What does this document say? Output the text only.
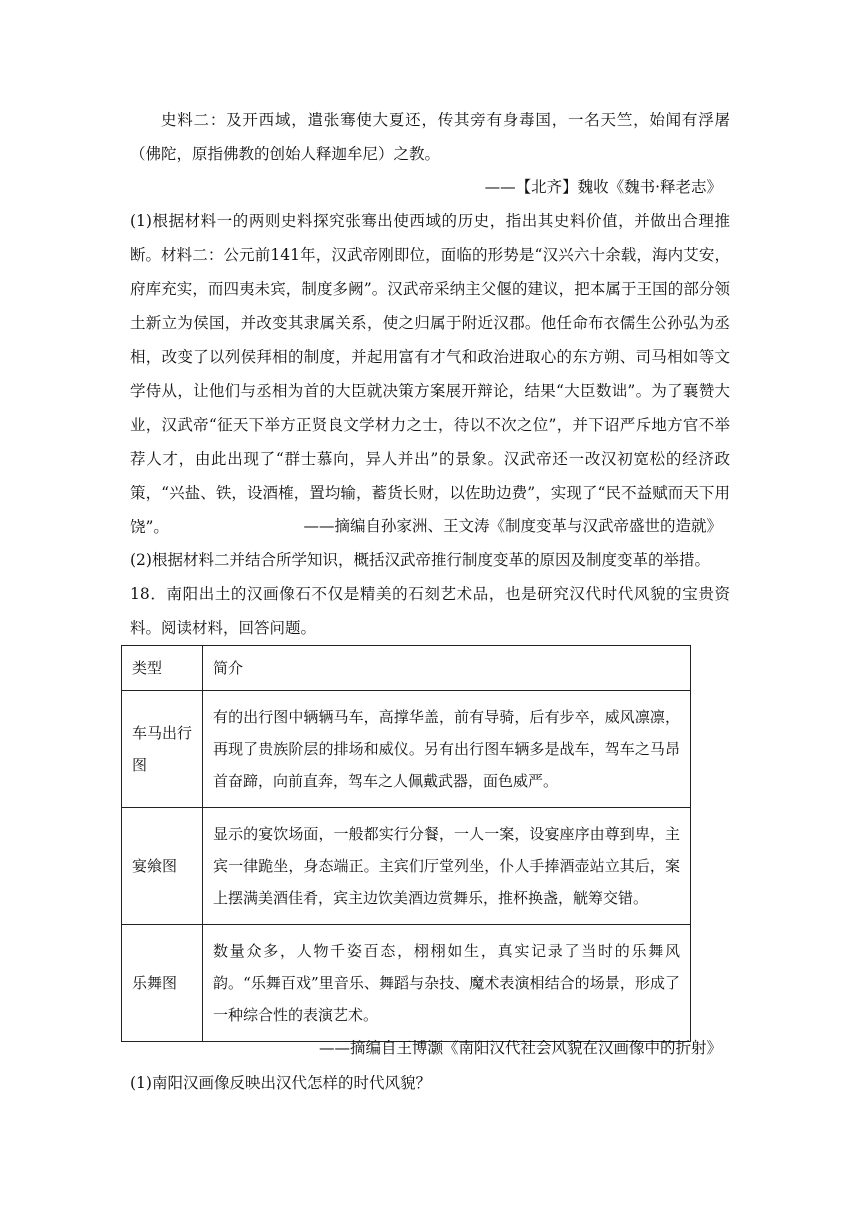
史料二：及开西域，遣张骞使大夏还，传其旁有身毒国，一名天竺，始闻有浮屠（佛陀，原指佛教的创始人释迦牟尼）之教。

——【北齐】魏收《魏书·释老志》

(1)根据材料一的两则史料探究张骞出使西域的历史，指出其史料价值，并做出合理推断。 材料二：公元前141年，汉武帝刚即位，面临的形势是“汉兴六十余载，海内艾安，府库充实，而四夷未宾，制度多阙”。汉武帝采纳主父偃的建议，把本属于王国的部分领土新立为侯国，并改变其隶属关系，使之归属于附近汉郡。他任命布衣儒生公孙弘为丞相，改变了以列侯拜相的制度，并起用富有才气和政治进取心的东方朔、司马相如等文学侍从，让他们与丞相为首的大臣就决策方案展开辩论，结果“大臣数诎”。为了襄赞大业，汉武帝“征天下举方正贤良文学材力之士，待以不次之位”，并下诏严斥地方官不举荐人才，由此出现了“群士慕向，异人并出”的景象。汉武帝还一改汉初宽松的经济政策，“兴盐、铁，设酒榷，置均输，蓄货长财，以佐助边费”，实现了“民不益赋而天下用饶”。	——摘编自孙家洲、王文涛《制度变革与汉武帝盛世的造就》

(2)根据材料二并结合所学知识，概括汉武帝推行制度变革的原因及制度变革的举措。

18．南阳出土的汉画像石不仅是精美的石刻艺术品，也是研究汉代时代风貌的宝贵资料。阅读材料，回答问题。

类型	简介
车马出行图	有的出行图中辆辆马车，高撑华盖，前有导骑，后有步卒，威风凛凛，再现了贵族阶层的排场和威仪。另有出行图车辆多是战车，驾车之马昂首奋蹄，向前直奔，驾车之人佩戴武器，面色威严。
宴飨图	显示的宴饮场面，一般都实行分餐，一人一案，设宴座序由尊到卑，主宾一律跪坐，身态端正。主宾们厅堂列坐，仆人手捧酒壶站立其后，案上摆满美酒佳肴，宾主边饮美酒边赏舞乐，推杯换盏，觥筹交错。
乐舞图	数量众多，人物千姿百态，栩栩如生，真实记录了当时的乐舞风韵。“乐舞百戏”里音乐、舞蹈与杂技、魔术表演相结合的场景，形成了一种综合性的表演艺术。
——摘编自王博灏《南阳汉代社会风貌在汉画像中的折射》

(1)南阳汉画像反映出汉代怎样的时代风貌？
